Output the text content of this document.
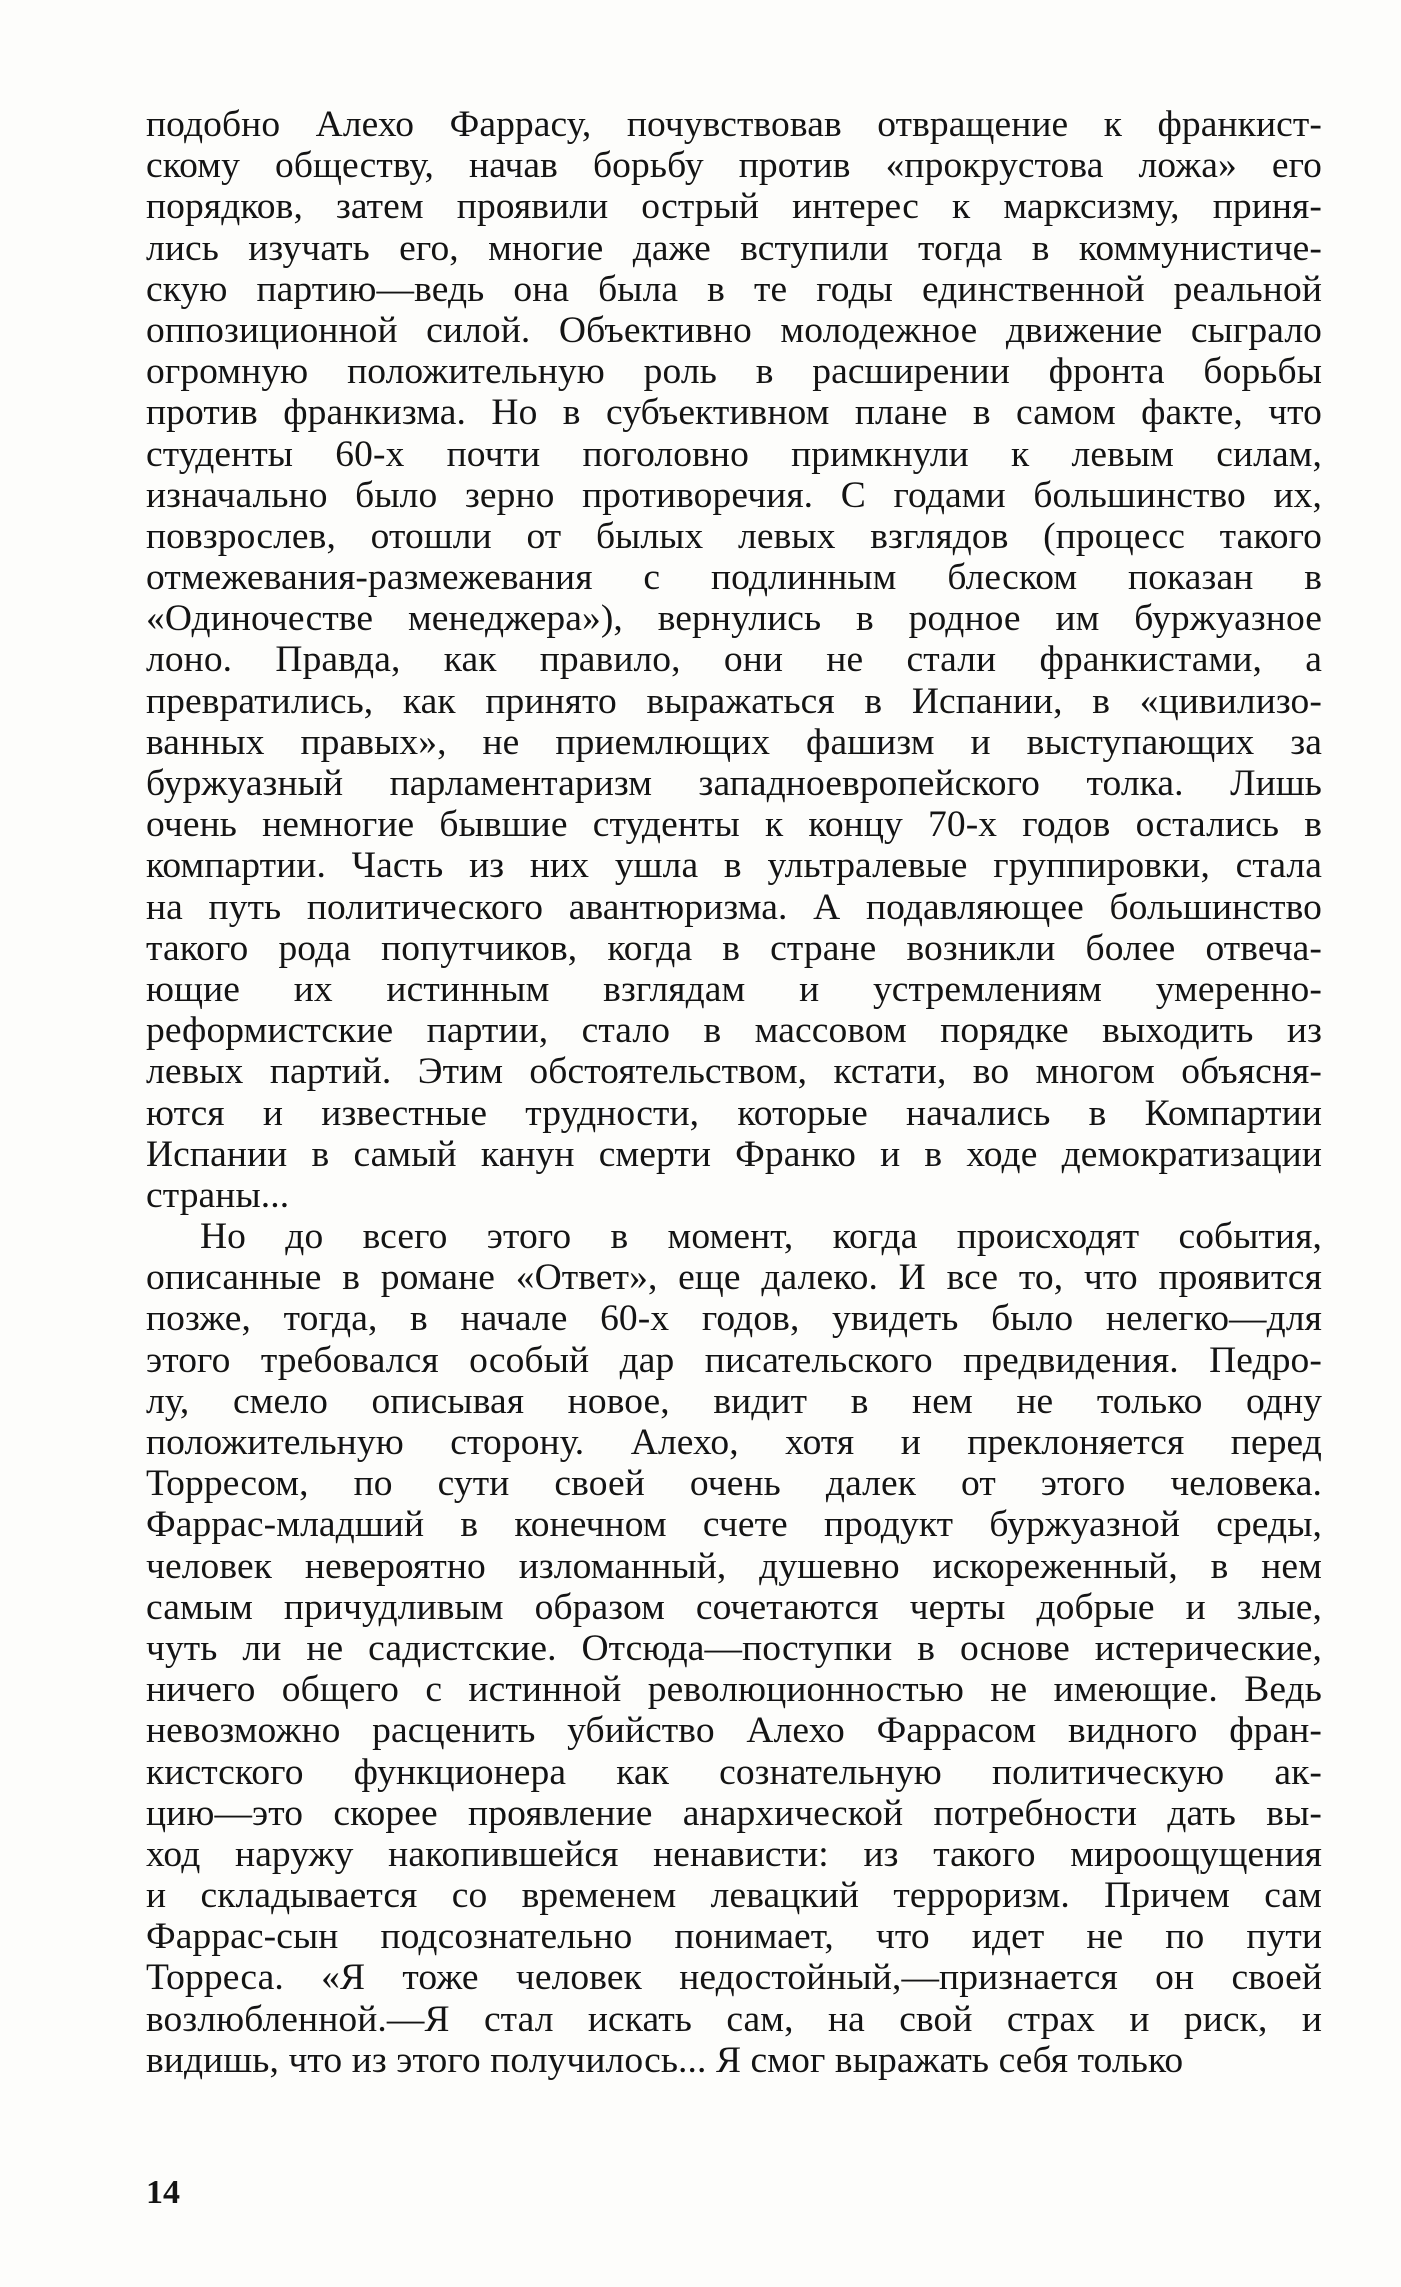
подобно Алехо Фаррасу, почувствовав отвращение к франкист-
скому обществу, начав борьбу против «прокрустова ложа» его
порядков, затем проявили острый интерес к марксизму, приня-
лись изучать его, многие даже вступили тогда в коммунистиче-
скую партию—ведь она была в те годы единственной реальной
оппозиционной силой. Объективно молодежное движение сыграло
огромную положительную роль в расширении фронта борьбы
против франкизма. Но в субъективном плане в самом факте, что
студенты 60-х почти поголовно примкнули к левым силам,
изначально было зерно противоречия. С годами большинство их,
повзрослев, отошли от былых левых взглядов (процесс такого
отмежевания-размежевания с подлинным блеском показан в
«Одиночестве менеджера»), вернулись в родное им буржуазное
лоно. Правда, как правило, они не стали франкистами, а
превратились, как принято выражаться в Испании, в «цивилизо-
ванных правых», не приемлющих фашизм и выступающих за
буржуазный парламентаризм западноевропейского толка. Лишь
очень немногие бывшие студенты к концу 70-х годов остались в
компартии. Часть из них ушла в ультралевые группировки, стала
на путь политического авантюризма. А подавляющее большинство
такого рода попутчиков, когда в стране возникли более отвеча-
ющие их истинным взглядам и устремлениям умеренно-
реформистские партии, стало в массовом порядке выходить из
левых партий. Этим обстоятельством, кстати, во многом объясня-
ются и известные трудности, которые начались в Компартии
Испании в самый канун смерти Франко и в ходе демократизации
страны...
Но до всего этого в момент, когда происходят события,
описанные в романе «Ответ», еще далеко. И все то, что проявится
позже, тогда, в начале 60-х годов, увидеть было нелегко—для
этого требовался особый дар писательского предвидения. Педро-
лу, смело описывая новое, видит в нем не только одну
положительную сторону. Алехо, хотя и преклоняется перед
Торресом, по сути своей очень далек от этого человека.
Фаррас-младший в конечном счете продукт буржуазной среды,
человек невероятно изломанный, душевно искореженный, в нем
самым причудливым образом сочетаются черты добрые и злые,
чуть ли не садистские. Отсюда—поступки в основе истерические,
ничего общего с истинной революционностью не имеющие. Ведь
невозможно расценить убийство Алехо Фаррасом видного фран-
кистского функционера как сознательную политическую ак-
цию—это скорее проявление анархической потребности дать вы-
ход наружу накопившейся ненависти: из такого мироощущения
и складывается со временем левацкий терроризм. Причем сам
Фаррас-сын подсознательно понимает, что идет не по пути
Торреса. «Я тоже человек недостойный,—признается он своей
возлюбленной.—Я стал искать сам, на свой страх и риск, и
видишь, что из этого получилось... Я смог выражать себя только
14
